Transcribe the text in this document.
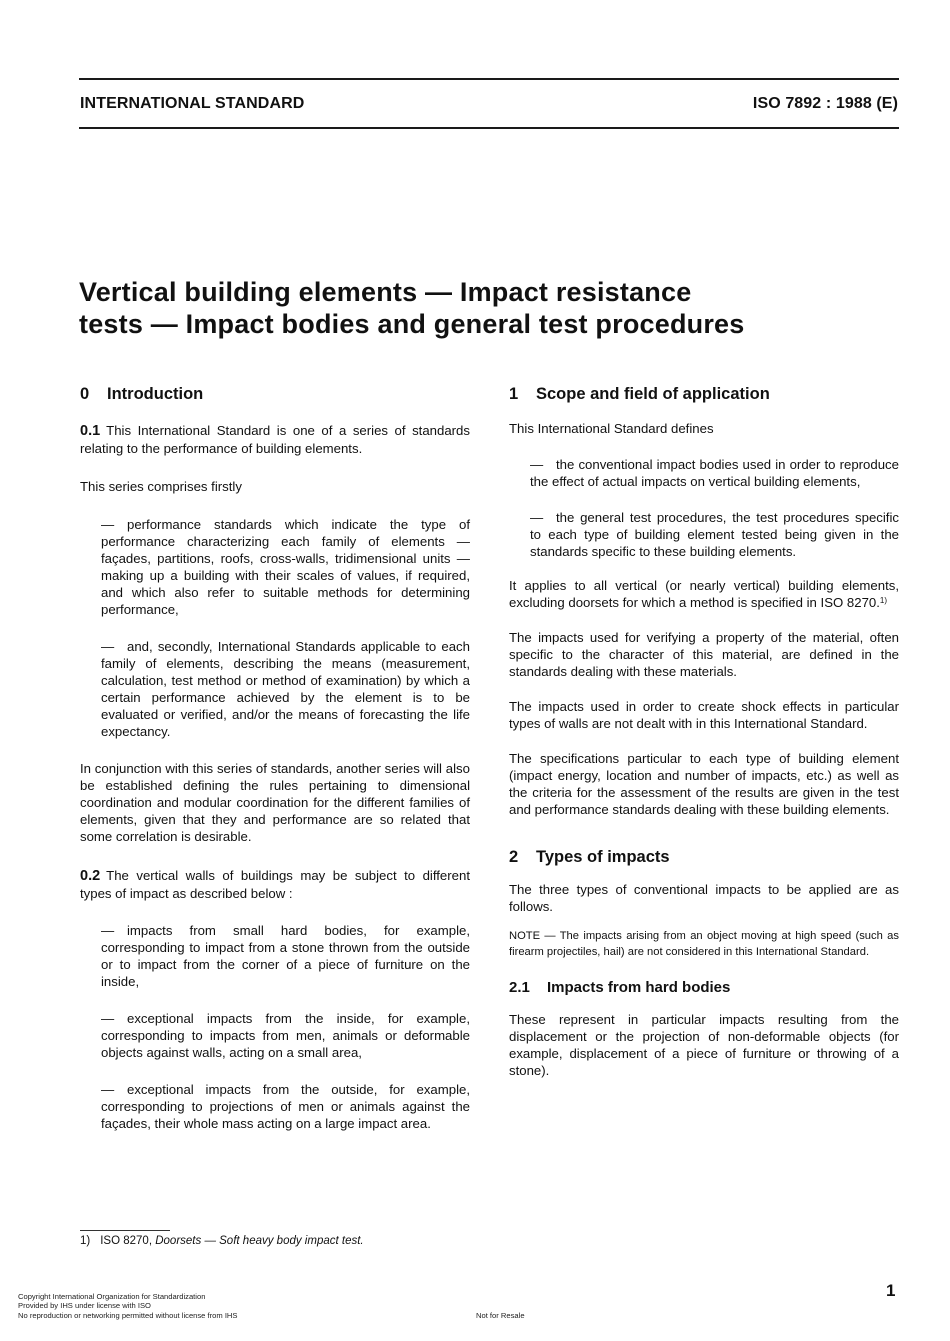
INTERNATIONAL STANDARD	ISO 7892 : 1988 (E)
Vertical building elements — Impact resistance
tests — Impact bodies and general test procedures
0 Introduction

0.1 This International Standard is one of a series of standards relating to the performance of building elements.

This series comprises firstly

— performance standards which indicate the type of performance characterizing each family of elements — façades, partitions, roofs, cross-walls, tridimensional units — making up a building with their scales of values, if required, and which also refer to suitable methods for determining performance,

— and, secondly, International Standards applicable to each family of elements, describing the means (measurement, calculation, test method or method of examination) by which a certain performance achieved by the element is to be evaluated or verified, and/or the means of forecasting the life expectancy.

In conjunction with this series of standards, another series will also be established defining the rules pertaining to dimensional coordination and modular coordination for the different families of elements, given that they and performance are so related that some correlation is desirable.

0.2 The vertical walls of buildings may be subject to different types of impact as described below :

— impacts from small hard bodies, for example, corresponding to impact from a stone thrown from the outside or to impact from the corner of a piece of furniture on the inside,

— exceptional impacts from the inside, for example, corresponding to impacts from men, animals or deformable objects against walls, acting on a small area,

— exceptional impacts from the outside, for example, corresponding to projections of men or animals against the façades, their whole mass acting on a large impact area.

1 Scope and field of application

This International Standard defines

— the conventional impact bodies used in order to reproduce the effect of actual impacts on vertical building elements,

— the general test procedures, the test procedures specific to each type of building element tested being given in the standards specific to these building elements.

It applies to all vertical (or nearly vertical) building elements, excluding doorsets for which a method is specified in ISO 8270.$^{1)}$

The impacts used for verifying a property of the material, often specific to the character of this material, are defined in the standards dealing with these materials.

The impacts used in order to create shock effects in particular types of walls are not dealt with in this International Standard.

The specifications particular to each type of building element (impact energy, location and number of impacts, etc.) as well as the criteria for the assessment of the results are given in the test and performance standards dealing with these building elements.

2 Types of impacts

The three types of conventional impacts to be applied are as follows.

NOTE — The impacts arising from an object moving at high speed (such as firearm projectiles, hail) are not considered in this International Standard.

2.1 Impacts from hard bodies

These represent in particular impacts resulting from the displacement or the projection of non-deformable objects (for example, displacement of a piece of furniture or throwing of a stone).

1) ISO 8270, Doorsets — Soft heavy body impact test.
1
Copyright International Organization for Standardization
Provided by IHS under license with ISO
No reproduction or networking permitted without license from IHS	Not for Resale
